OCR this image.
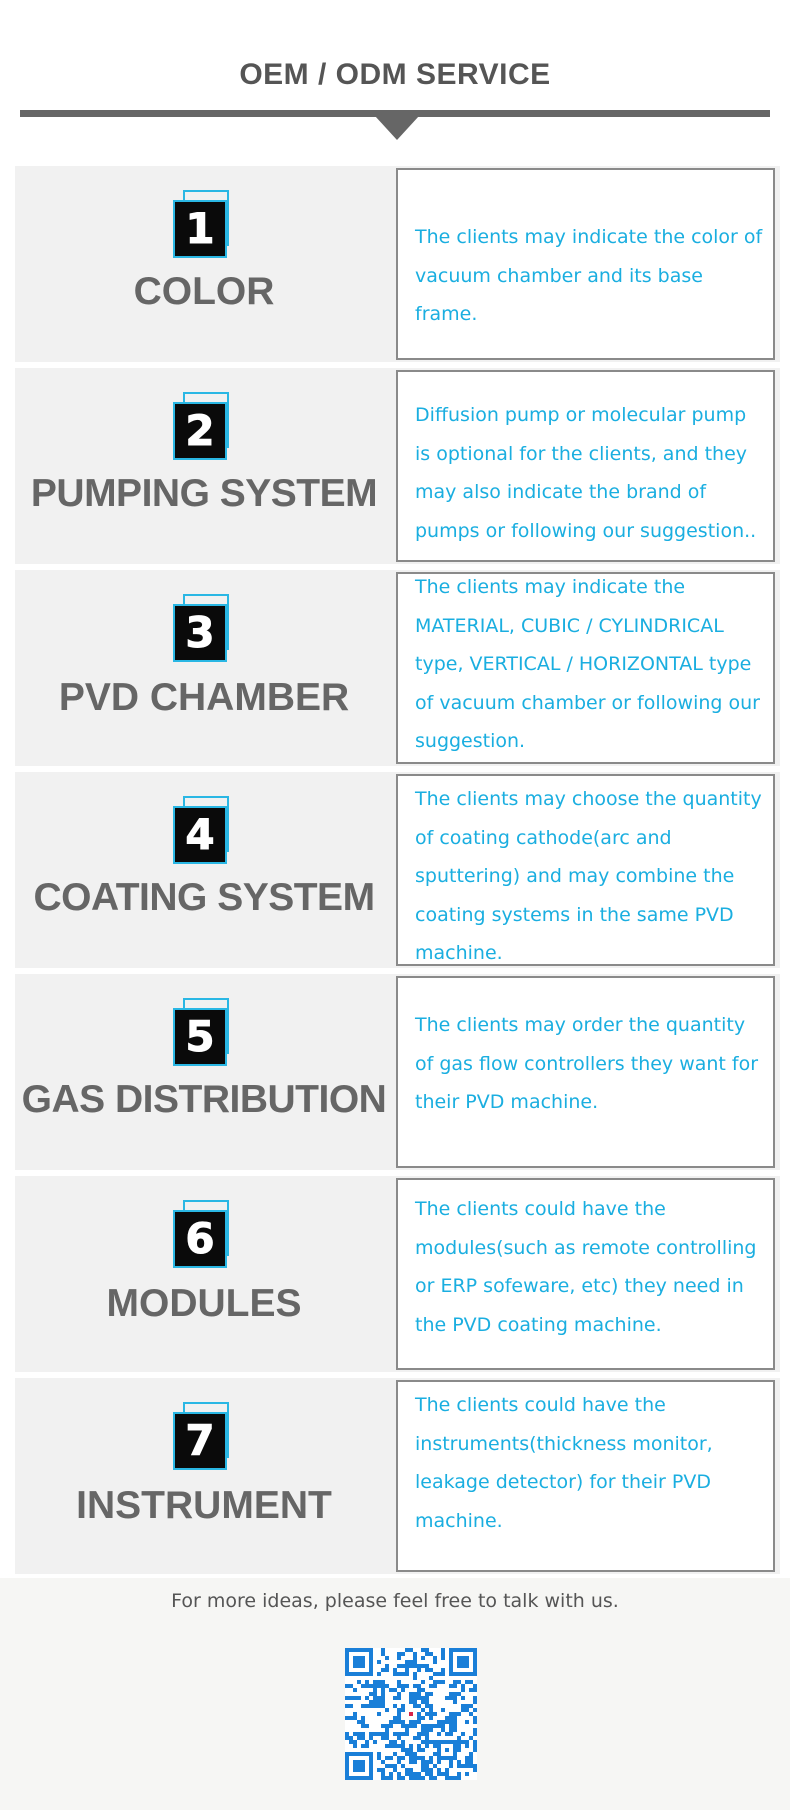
OEM / ODM SERVICE
1
COLOR
The clients may indicate the color of vacuum chamber and its base frame.
2
PUMPING SYSTEM
Diffusion pump or molecular pump is optional for the clients, and they may also indicate the brand of pumps or following our suggestion..
3
PVD CHAMBER
The clients may indicate the MATERIAL, CUBIC / CYLINDRICAL type, VERTICAL / HORIZONTAL type of vacuum chamber or following our suggestion.
4
COATING SYSTEM
The clients may choose the quantity of coating cathode(arc and sputtering) and may combine the coating systems in the same PVD machine.
5
GAS DISTRIBUTION
The clients may order the quantity of gas flow controllers they want for their PVD machine.
6
MODULES
The clients could have the modules(such as remote controlling or ERP sofeware, etc) they need in the PVD coating machine.
7
INSTRUMENT
The clients could have the instruments(thickness monitor, leakage detector) for their PVD machine.
For more ideas, please feel free to talk with us.
